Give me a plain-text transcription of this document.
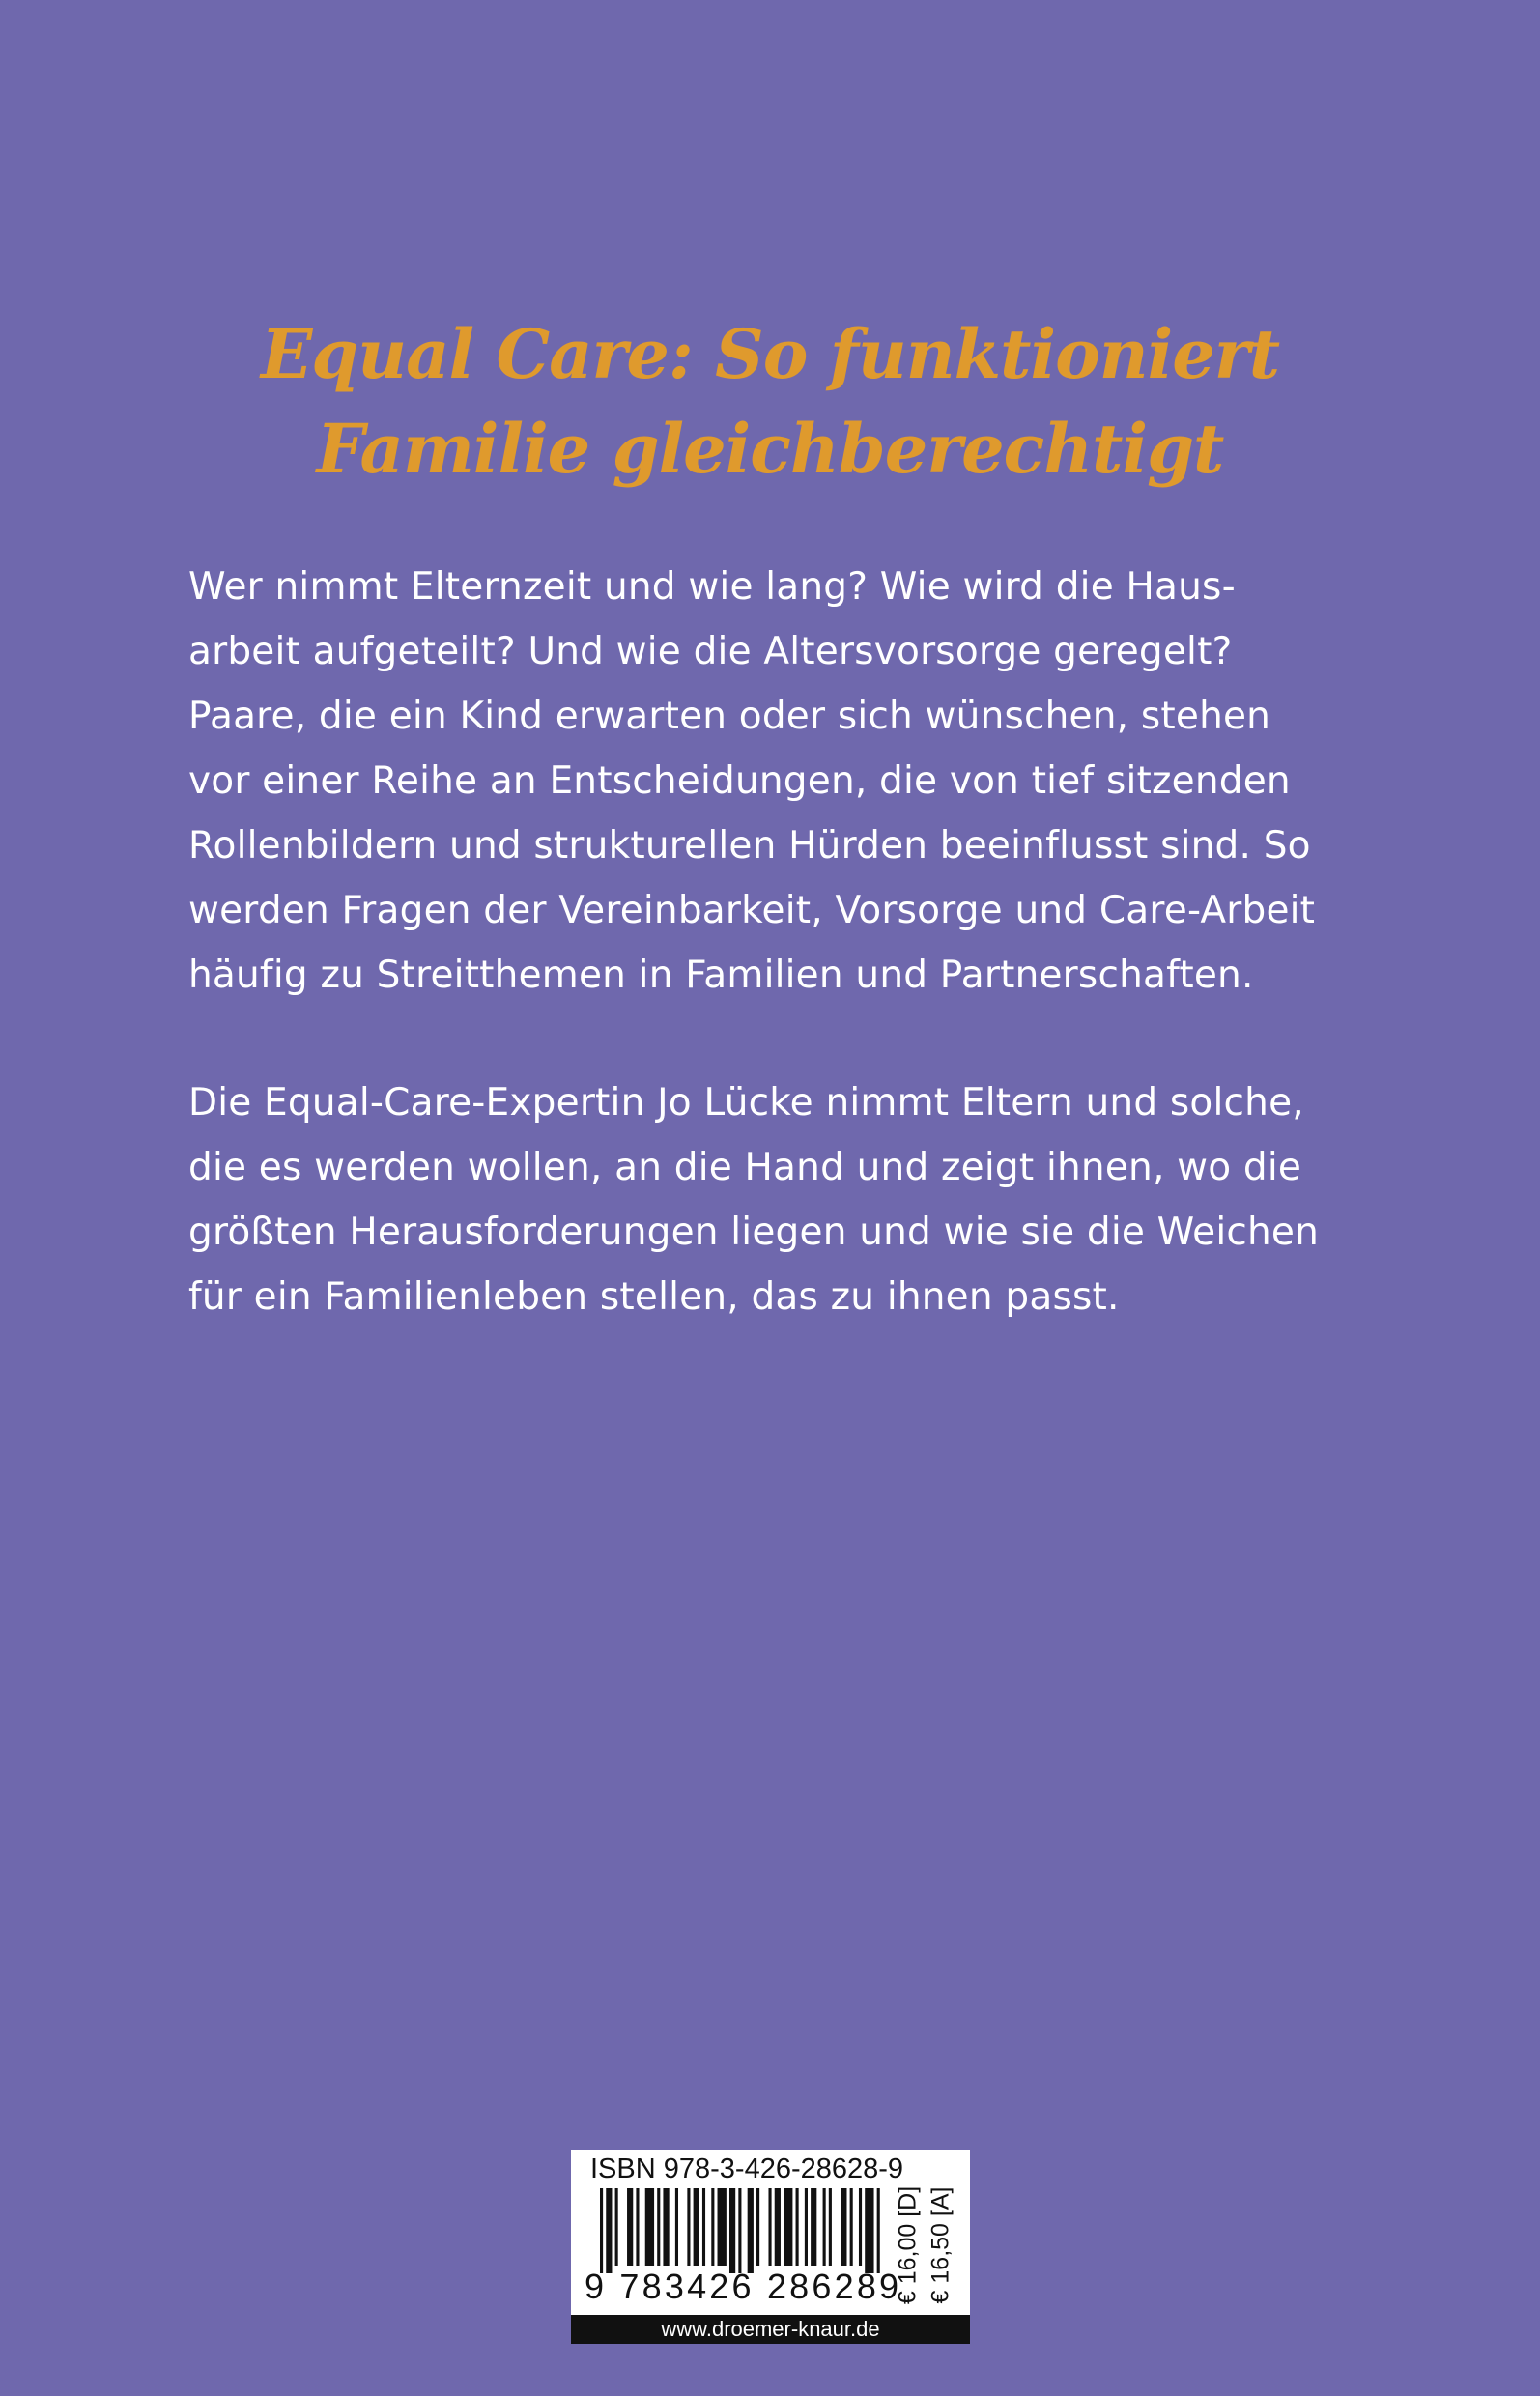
Equal Care: So funktioniert
Familie gleichberechtigt
Wer nimmt Elternzeit und wie lang? Wie wird die Haus-
arbeit aufgeteilt? Und wie die Altersvorsorge geregelt?
Paare, die ein Kind erwarten oder sich wünschen, stehen
vor einer Reihe an Entscheidungen, die von tief sitzenden
Rollenbildern und strukturellen Hürden beeinflusst sind. So
werden Fragen der Vereinbarkeit, Vorsorge und Care-Arbeit
häufig zu Streitthemen in Familien und Partnerschaften.
Die Equal-Care-Expertin Jo Lücke nimmt Eltern und solche,
die es werden wollen, an die Hand und zeigt ihnen, wo die
größten Herausforderungen liegen und wie sie die Weichen
für ein Familienleben stellen, das zu ihnen passt.
ISBN 978-3-426-28628-9
9 783426 286289
€ 16,00 [D] € 16,50 [A]
www.droemer-knaur.de
